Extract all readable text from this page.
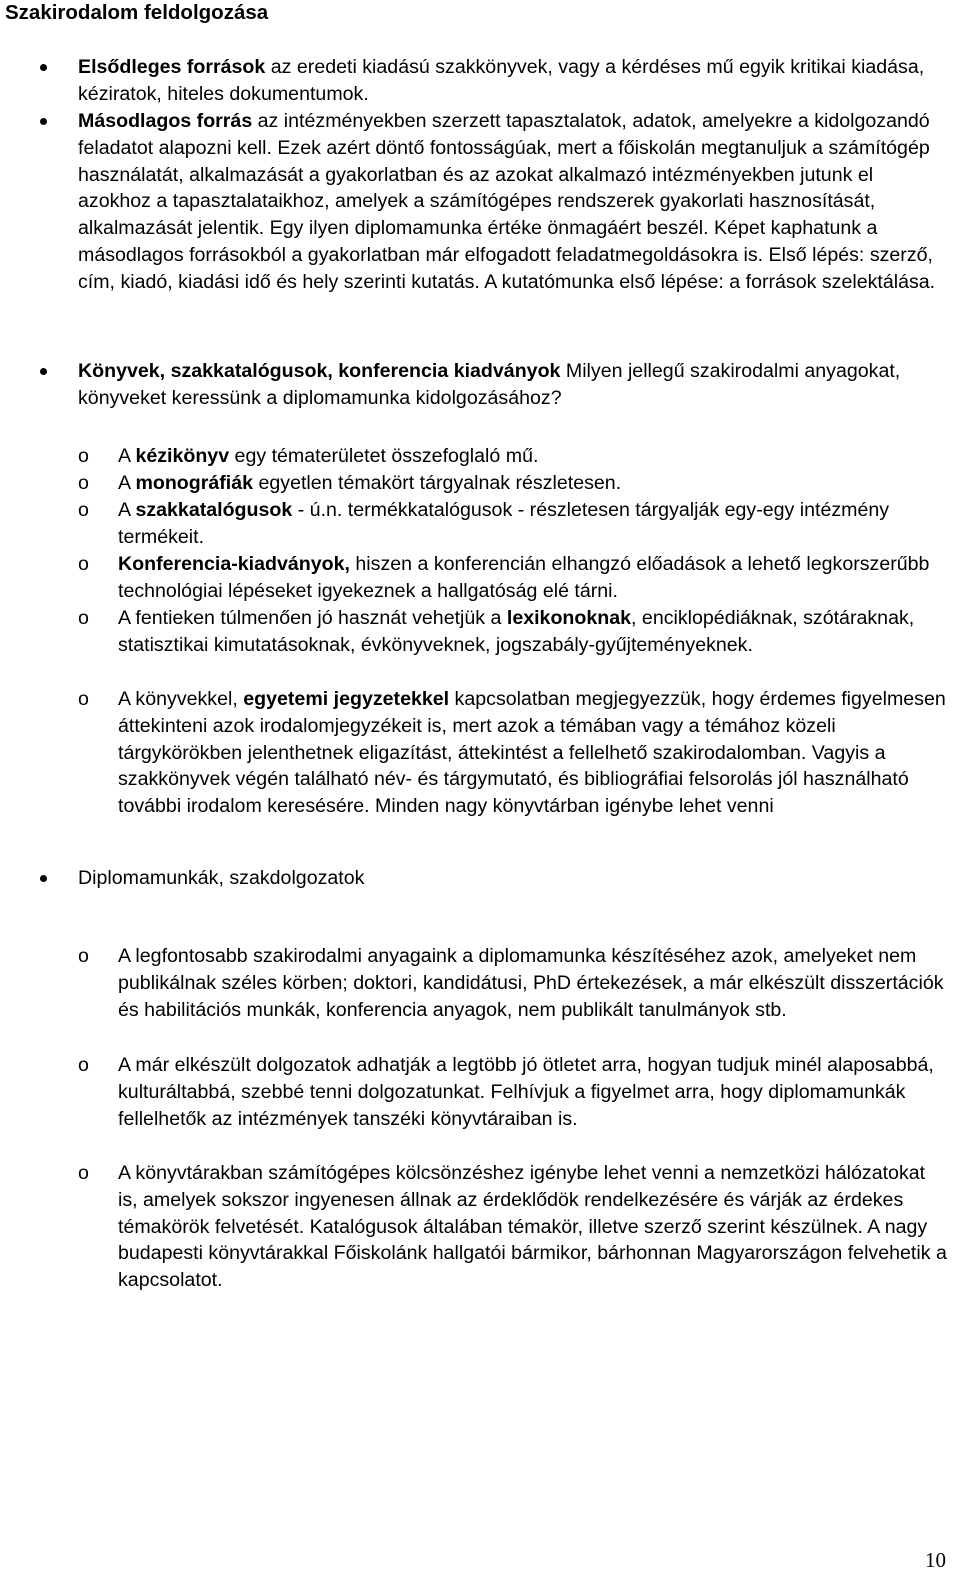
Szakirodalom feldolgozása

Elsődleges források az eredeti kiadású szakkönyvek, vagy a kérdéses mű egyik kritikai kiadása, kéziratok, hiteles dokumentumok.

Másodlagos forrás az intézményekben szerzett tapasztalatok, adatok, amelyekre a kidolgozandó feladatot alapozni kell. Ezek azért döntő fontosságúak, mert a főiskolán megtanuljuk a számítógép használatát, alkalmazását a gyakorlatban és az azokat alkalmazó intézményekben jutunk el azokhoz a tapasztalataikhoz, amelyek a számítógépes rendszerek gyakorlati hasznosítását, alkalmazását jelentik. Egy ilyen diplomamunka értéke önmagáért beszél. Képet kaphatunk a másodlagos forrásokból a gyakorlatban már elfogadott feladatmegoldásokra is. Első lépés: szerző, cím, kiadó, kiadási idő és hely szerinti kutatás. A kutatómunka első lépése: a források szelektálása.

Könyvek, szakkatalógusok, konferencia kiadványok Milyen jellegű szakirodalmi anyagokat, könyveket keressünk a diplomamunka kidolgozásához?

o A kézikönyv egy tématerületet összefoglaló mű.

o A monográfiák egyetlen témakört tárgyalnak részletesen.

o A szakkatalógusok - ú.n. termékkatalógusok - részletesen tárgyalják egy-egy intézmény termékeit.

o Konferencia-kiadványok, hiszen a konferencián elhangzó előadások a lehető legkorszerűbb technológiai lépéseket igyekeznek a hallgatóság elé tárni.

o A fentieken túlmenően jó hasznát vehetjük a lexikonoknak, enciklopédiáknak, szótáraknak, statisztikai kimutatásoknak, évkönyveknek, jogszabály-gyűjteményeknek.

o A könyvekkel, egyetemi jegyzetekkel kapcsolatban megjegyezzük, hogy érdemes figyelmesen áttekinteni azok irodalomjegyzékeit is, mert azok a témában vagy a témához közeli tárgykörökben jelenthetnek eligazítást, áttekintést a fellelhető szakirodalomban. Vagyis a szakkönyvek végén található név- és tárgymutató, és bibliográfiai felsorolás jól használható további irodalom keresésére. Minden nagy könyvtárban igénybe lehet venni

Diplomamunkák, szakdolgozatok

o A legfontosabb szakirodalmi anyagaink a diplomamunka készítéséhez azok, amelyeket nem publikálnak széles körben; doktori, kandidátusi, PhD értekezések, a már elkészült disszertációk és habilitációs munkák, konferencia anyagok, nem publikált tanulmányok stb.

o A már elkészült dolgozatok adhatják a legtöbb jó ötletet arra, hogyan tudjuk minél alaposabbá, kulturáltabbá, szebbé tenni dolgozatunkat. Felhívjuk a figyelmet arra, hogy diplomamunkák fellelhetők az intézmények tanszéki könyvtáraiban is.

o A könyvtárakban számítógépes kölcsönzéshez igénybe lehet venni a nemzetközi hálózatokat is, amelyek sokszor ingyenesen állnak az érdeklődök rendelkezésére és várják az érdekes témakörök felvetését. Katalógusok általában témakör, illetve szerző szerint készülnek. A nagy budapesti könyvtárakkal Főiskolánk hallgatói bármikor, bárhonnan Magyarországon felvehetik a kapcsolatot.

10
